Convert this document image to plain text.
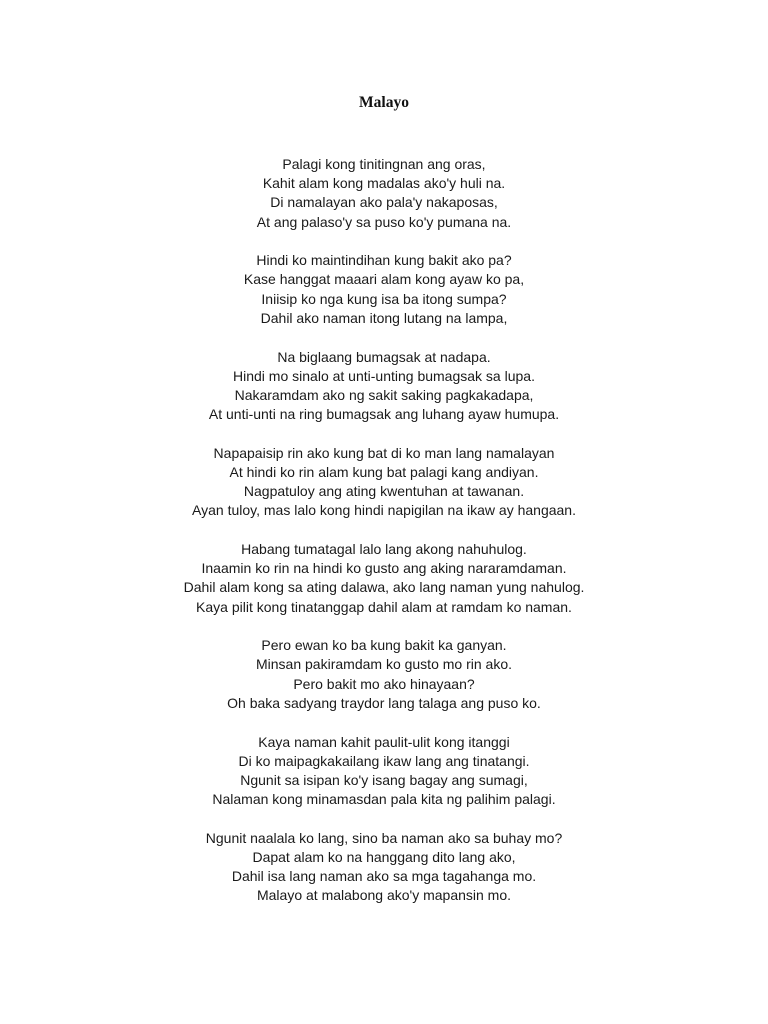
Malayo
Palagi kong tinitingnan ang oras,
Kahit alam kong madalas ako'y huli na.
Di namalayan ako pala'y nakaposas,
At ang palaso'y sa puso ko'y pumana na.
Hindi ko maintindihan kung bakit ako pa?
Kase hanggat maaari alam kong ayaw ko pa,
Iniisip ko nga kung isa ba itong sumpa?
Dahil ako naman itong lutang na lampa,
Na biglaang bumagsak at nadapa.
Hindi mo sinalo at unti-unting bumagsak sa lupa.
Nakaramdam ako ng sakit saking pagkakadapa,
At unti-unti na ring bumagsak ang luhang ayaw humupa.
Napapaisip rin ako kung bat di ko man lang namalayan
At hindi ko rin alam kung bat palagi kang andiyan.
Nagpatuloy ang ating kwentuhan at tawanan.
Ayan tuloy, mas lalo kong hindi napigilan na ikaw ay hangaan.
Habang tumatagal lalo lang akong nahuhulog.
Inaamin ko rin na hindi ko gusto ang aking nararamdaman.
Dahil alam kong sa ating dalawa, ako lang naman yung nahulog.
Kaya pilit kong tinatanggap dahil alam at ramdam ko naman.
Pero ewan ko ba kung bakit ka ganyan.
Minsan pakiramdam ko gusto mo rin ako.
Pero bakit mo ako hinayaan?
Oh baka sadyang traydor lang talaga ang puso ko.
Kaya naman kahit paulit-ulit kong itanggi
Di ko maipagkakailang ikaw lang ang tinatangi.
Ngunit sa isipan ko'y isang bagay ang sumagi,
Nalaman kong minamasdan pala kita ng palihim palagi.
Ngunit naalala ko lang, sino ba naman ako sa buhay mo?
Dapat alam ko na hanggang dito lang ako,
Dahil isa lang naman ako sa mga tagahanga mo.
Malayo at malabong ako'y mapansin mo.
